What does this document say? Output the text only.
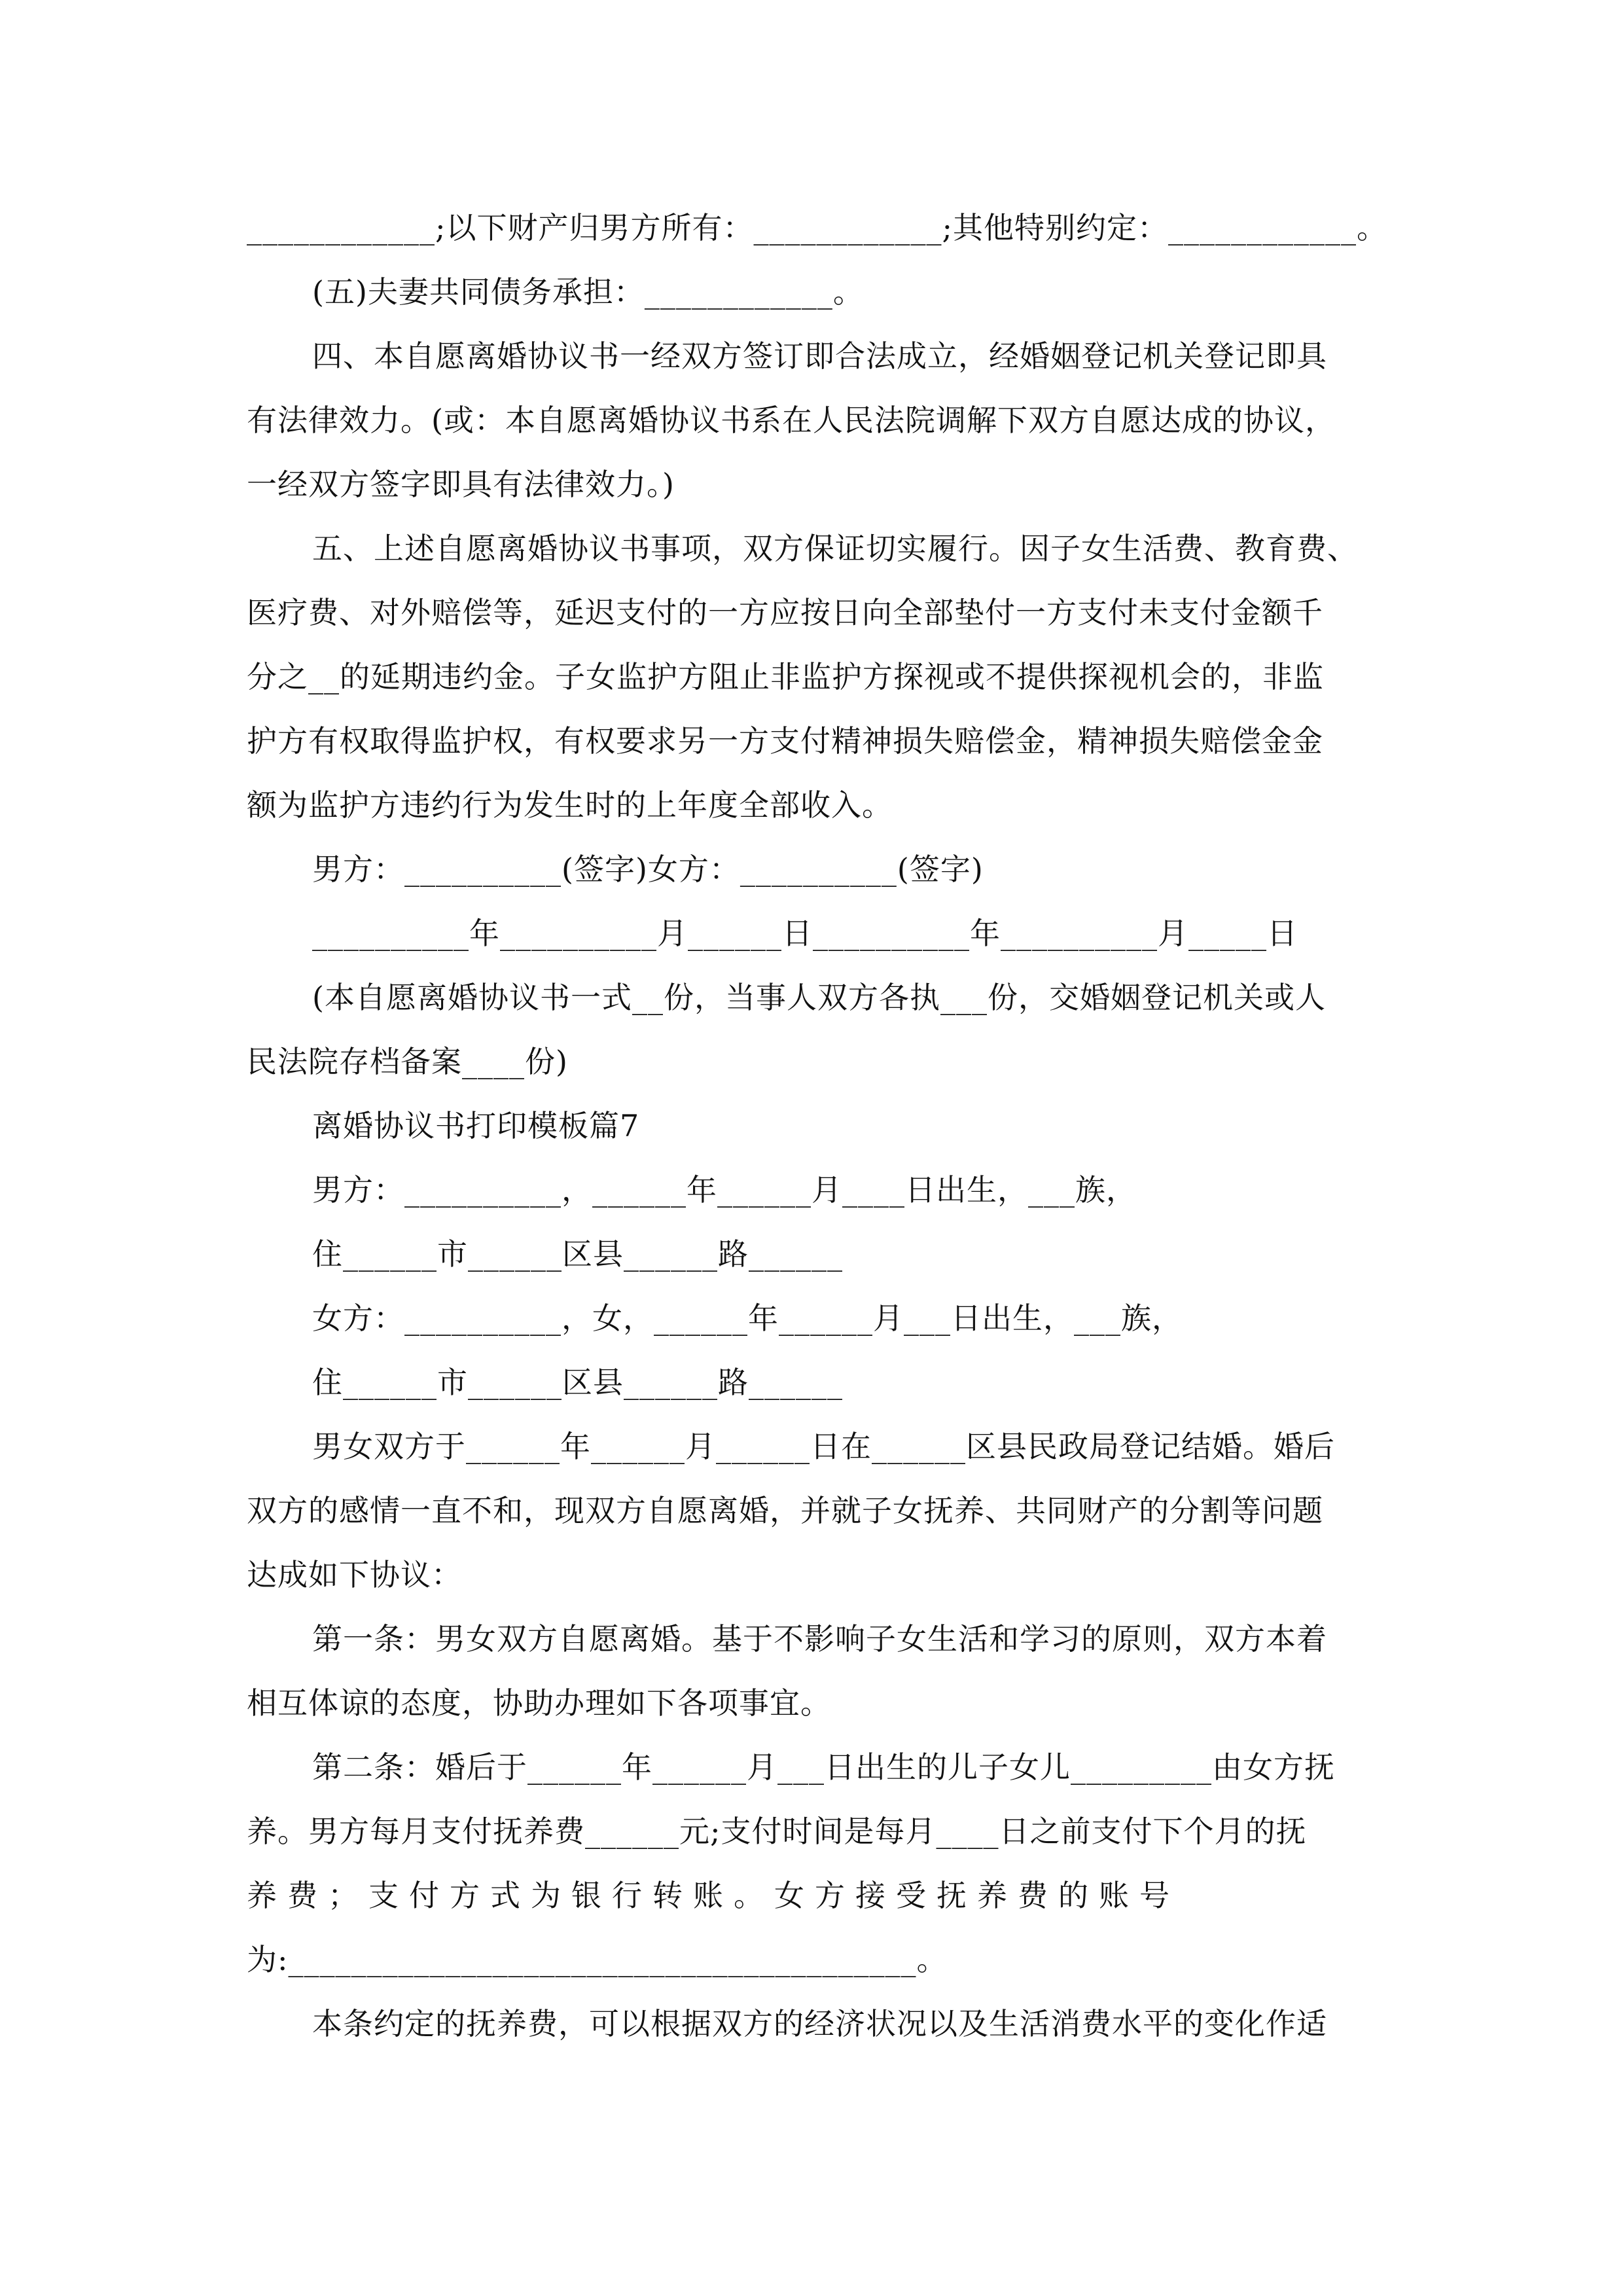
____________;以下财产归男方所有：____________;其他特别约定：____________。
(五)夫妻共同债务承担：____________。
四、本自愿离婚协议书一经双方签订即合法成立，经婚姻登记机关登记即具
有法律效力。(或：本自愿离婚协议书系在人民法院调解下双方自愿达成的协议，
一经双方签字即具有法律效力。)
五、上述自愿离婚协议书事项，双方保证切实履行。因子女生活费、教育费、
医疗费、对外赔偿等，延迟支付的一方应按日向全部垫付一方支付未支付金额千
分之__的延期违约金。子女监护方阻止非监护方探视或不提供探视机会的，非监
护方有权取得监护权，有权要求另一方支付精神损失赔偿金，精神损失赔偿金金
额为监护方违约行为发生时的上年度全部收入。
男方：__________(签字)女方：__________(签字)
__________年__________月______日__________年__________月_____日
(本自愿离婚协议书一式__份，当事人双方各执___份，交婚姻登记机关或人
民法院存档备案____份)
离婚协议书打印模板篇7
男方：__________，______年______月____日出生，___族，
住______市______区县______路______
女方：__________，女，______年______月___日出生，___族，
住______市______区县______路______
男女双方于______年______月______日在______区县民政局登记结婚。婚后
双方的感情一直不和，现双方自愿离婚，并就子女抚养、共同财产的分割等问题
达成如下协议：
第一条：男女双方自愿离婚。基于不影响子女生活和学习的原则，双方本着
相互体谅的态度，协助办理如下各项事宜。
第二条：婚后于______年______月___日出生的儿子女儿_________由女方抚
养。男方每月支付抚养费______元;支付时间是每月____日之前支付下个月的抚
养费；支付方式为银行转账。女方接受抚养费的账号
为:________________________________________。
本条约定的抚养费，可以根据双方的经济状况以及生活消费水平的变化作适
